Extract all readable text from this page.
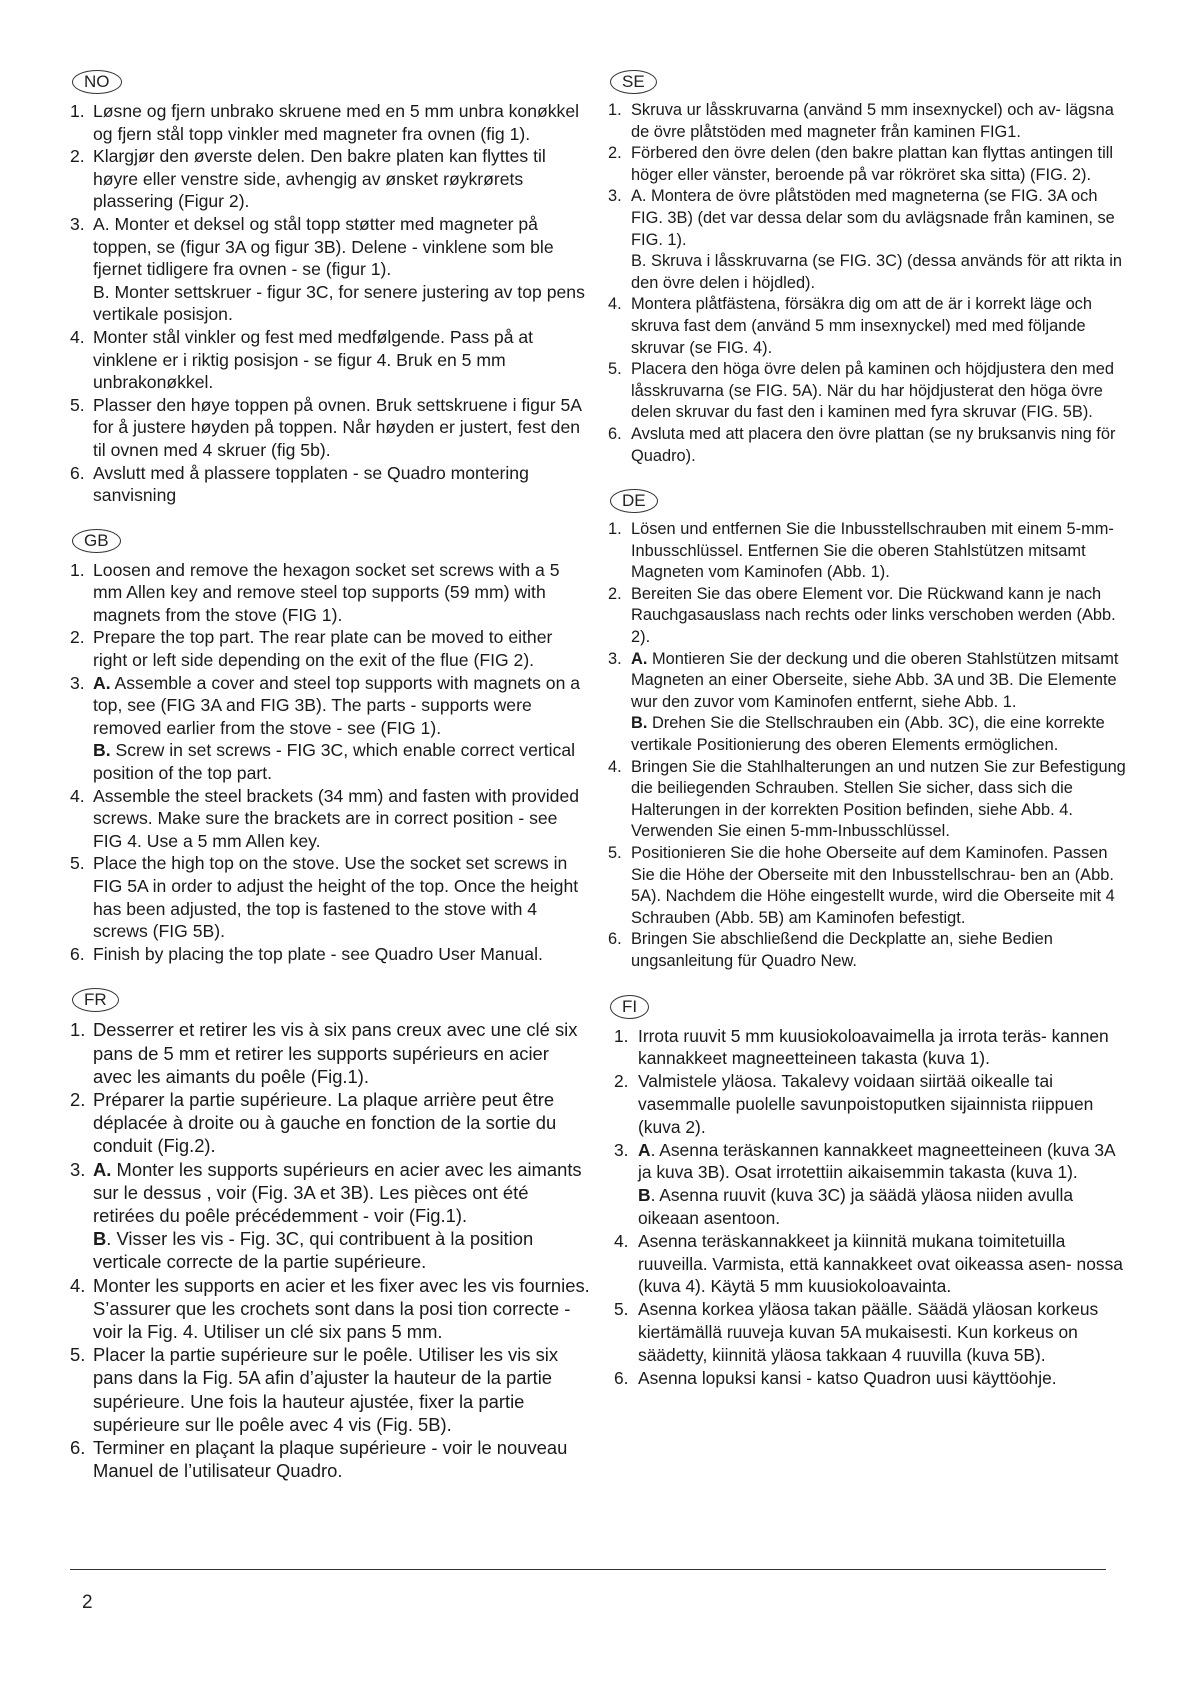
NO
1. Løsne og fjern unbrako skruene med en 5 mm unbra konøkkel og fjern stål topp vinkler med magneter fra ovnen (fig 1).
2. Klargjør den øverste delen. Den bakre platen kan flyttes til høyre eller venstre side, avhengig av ønsket røykrørets plassering (Figur 2).
3. A. Monter et deksel og stål topp støtter med magneter på toppen, se (figur 3A og figur 3B). Delene - vinklene som ble fjernet tidligere fra ovnen - se (figur 1).
B. Monter settskruer - figur 3C, for senere justering av top pens vertikale posisjon.
4. Monter stål vinkler og fest med medfølgende. Pass på at vinklene er i riktig posisjon - se figur 4. Bruk en 5 mm unbrakonøkkel.
5. Plasser den høye toppen på ovnen. Bruk settskruene i figur 5A for å justere høyden på toppen. Når høyden er justert, fest den til ovnen med 4 skruer (fig 5b).
6. Avslutt med å plassere topplaten - se Quadro montering sanvisning
GB
1. Loosen and remove the hexagon socket set screws with a 5 mm Allen key and remove steel top supports (59 mm) with magnets from the stove (FIG 1).
2. Prepare the top part. The rear plate can be moved to either right or left side depending on the exit of the flue (FIG 2).
3. A. Assemble a cover and steel top supports with magnets on a top, see (FIG 3A and FIG 3B). The parts - supports were removed earlier from the stove - see (FIG 1).
B. Screw in set screws - FIG 3C, which enable correct vertical position of the top part.
4. Assemble the steel brackets (34 mm) and fasten with provided screws. Make sure the brackets are in correct position - see FIG 4. Use a 5 mm Allen key.
5. Place the high top on the stove. Use the socket set screws in FIG 5A in order to adjust the height of the top. Once the height has been adjusted, the top is fastened to the stove with 4 screws (FIG 5B).
6. Finish by placing the top plate - see Quadro User Manual.
FR
1. Desserrer et retirer les vis à six pans creux avec une clé six pans de 5 mm et retirer les supports supérieurs en acier avec les aimants du poêle (Fig.1).
2. Préparer la partie supérieure. La plaque arrière peut être déplacée à droite ou à gauche en fonction de la sortie du conduit (Fig.2).
3. A. Monter les supports supérieurs en acier avec les aimants sur le dessus , voir (Fig. 3A et 3B). Les pièces ont été retirées du poêle précédemment - voir (Fig.1).
B. Visser les vis - Fig. 3C, qui contribuent à la position verticale correcte de la partie supérieure.
4. Monter les supports en acier et les fixer avec les vis fournies. S’assurer que les crochets sont dans la posi tion correcte - voir la Fig. 4. Utiliser un clé six pans 5 mm.
5. Placer la partie supérieure sur le poêle. Utiliser les vis six pans dans la Fig. 5A afin d’ajuster la hauteur de la partie supérieure. Une fois la hauteur ajustée, fixer la partie supérieure sur lle poêle avec 4 vis (Fig. 5B).
6. Terminer en plaçant la plaque supérieure - voir le nouveau Manuel de l’utilisateur Quadro.
SE
1. Skruva ur låsskruvarna (använd 5 mm insexnyckel) och av- lägsna de övre plåtstöden med magneter från kaminen FIG1.
2. Förbered den övre delen (den bakre plattan kan flyttas antingen till höger eller vänster, beroende på var rökröret ska sitta) (FIG. 2).
3. A. Montera de övre plåtstöden med magneterna (se FIG. 3A och FIG. 3B) (det var dessa delar som du avlägsnade från kaminen, se FIG. 1).
B. Skruva i låsskruvarna (se FIG. 3C) (dessa används för att rikta in den övre delen i höjdled).
4. Montera plåtfästena, försäkra dig om att de är i korrekt läge och skruva fast dem (använd 5 mm insexnyckel) med med följande skruvar (se FIG. 4).
5. Placera den höga övre delen på kaminen och höjdjustera den med låsskruvarna (se FIG. 5A). När du har höjdjusterat den höga övre delen skruvar du fast den i kaminen med fyra skruvar (FIG. 5B).
6. Avsluta med att placera den övre plattan (se ny bruksanvis ning för Quadro).
DE
1. Lösen und entfernen Sie die Inbusstellschrauben mit einem 5-mm-Inbusschlüssel. Entfernen Sie die oberen Stahlstützen mitsamt Magneten vom Kaminofen (Abb. 1).
2. Bereiten Sie das obere Element vor. Die Rückwand kann je nach Rauchgasauslass nach rechts oder links verschoben werden (Abb. 2).
3. A. Montieren Sie der deckung und die oberen Stahlstützen mitsamt Magneten an einer Oberseite, siehe Abb. 3A und 3B. Die Elemente wur den zuvor vom Kaminofen entfernt, siehe Abb. 1.
B. Drehen Sie die Stellschrauben ein (Abb. 3C), die eine korrekte vertikale Positionierung des oberen Elements ermöglichen.
4. Bringen Sie die Stahlhalterungen an und nutzen Sie zur Befestigung die beiliegenden Schrauben. Stellen Sie sicher, dass sich die Halterungen in der korrekten Position befinden, siehe Abb. 4. Verwenden Sie einen 5-mm-Inbusschlüssel.
5. Positionieren Sie die hohe Oberseite auf dem Kaminofen. Passen Sie die Höhe der Oberseite mit den Inbusstellschrau- ben an (Abb. 5A). Nachdem die Höhe eingestellt wurde, wird die Oberseite mit 4 Schrauben (Abb. 5B) am Kaminofen befestigt.
6. Bringen Sie abschließend die Deckplatte an, siehe Bedien ungsanleitung für Quadro New.
FI
1. Irrota ruuvit 5 mm kuusiokoloavaimella ja irrota teräs- kannen kannakkeet magneetteineen takasta (kuva 1).
2. Valmistele yläosa. Takalevy voidaan siirtää oikealle tai vasemmalle puolelle savunpoistoputken sijainnista riippuen (kuva 2).
3. A. Asenna teräskannen kannakkeet magneetteineen (kuva 3A ja kuva 3B). Osat irrotettiin aikaisemmin takasta (kuva 1).
B. Asenna ruuvit (kuva 3C) ja säädä yläosa niiden avulla oikeaan asentoon.
4. Asenna teräskannakkeet ja kiinnitä mukana toimitetuilla ruuveilla. Varmista, että kannakkeet ovat oikeassa asen- nossa (kuva 4). Käytä 5 mm kuusiokoloavainta.
5. Asenna korkea yläosa takan päälle. Säädä yläosan korkeus kiertämällä ruuveja kuvan 5A mukaisesti. Kun korkeus on säädetty, kiinnitä yläosa takkaan 4 ruuvilla (kuva 5B).
6. Asenna lopuksi kansi - katso Quadron uusi käyttöohje.
2
